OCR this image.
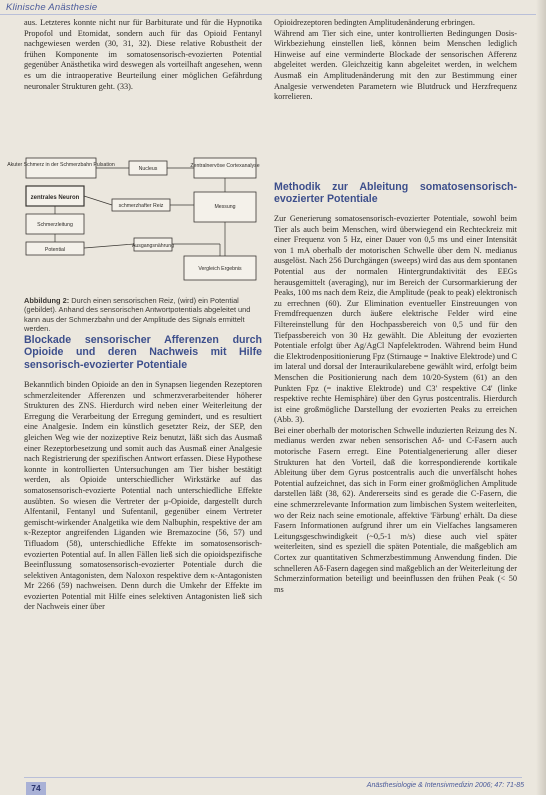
Klinische Anästhesie

aus. Letzteres konnte nicht nur für Barbiturate und für die Hypnotika Propofol und Etomidat, sondern auch für das Opioid Fentanyl nachgewiesen werden (30, 31, 32). Diese relative Robustheit der frühen Komponente im somatosensorisch-evozierten Potential gegenüber Anästhetika wird deswegen als vorteilhaft angesehen, wenn es um die intraoperative Beurteilung einer möglichen Gefährdung neuronaler Strukturen geht. (33).

Akuter Schmerz in der Schmerzbahn Pulsation
Nucleus	Zentralnervöse Cortexanalyse
zentrales Neuron
schmerzhafter Reiz	Messung
Schmerzleitung
Potential
Ausgangsnährung
Vergleich Ergebnis
Abbildung 2: Durch einen sensorischen Reiz, (wird) ein Potential (gebildet). Anhand des sensorischen Antwortpotentials abgeleitet und kann aus der Schmerzbahn und der Amplitude des Signals ermittelt werden.

Blockade sensorischer Afferenzen durch Opioide und deren Nachweis mit Hilfe sensorisch-evozierter Potentiale

Bekanntlich binden Opioide an den in Synapsen liegenden Rezeptoren schmerzleitender Afferenzen und schmerzverarbeitender höherer Strukturen des ZNS. Hierdurch wird neben einer Weiterleitung der Erregung die Verarbeitung der Erregung gemindert, und es resultiert eine Analgesie. Indem ein künstlich gesetzter Reiz, der SEP, den gleichen Weg wie der nozizeptive Reiz benutzt, läßt sich das Ausmaß einer Rezeptorbesetzung und somit auch das Ausmaß einer Analgesie nach Registrierung der spezifischen Antwort erfassen. Diese Hypothese konnte in kontrollierten Untersuchungen am Tier bisher bestätigt werden, als Opioide unterschiedlicher Wirkstärke auf das somatosensorisch-evozierte Potential nach unterschiedliche Effekte ausübten. So wiesen die Vertreter der μ-Opioide, dargestellt durch Alfentanil, Fentanyl und Sufentanil, gegenüber einem Vertreter gemischt-wirkender Analgetika wie dem Nalbuphin, respektive der am κ-Rezeptor angreifenden Liganden wie Bremazocine (56, 57) und Tifluadom (58), unterschiedliche Effekte im somatosensorisch-evozierten Potential auf. In allen Fällen ließ sich die opioidspezifische Beeinflussung somatosensorisch-evozierter Potentiale durch die selektiven Antagonisten, dem Naloxon respektive dem κ-Antagonisten Mr 2266 (59) nachweisen. Denn durch die Umkehr der Effekte im evozierten Potential mit Hilfe eines selektiven Antagonisten ließ sich der Nachweis einer über

Opioidrezeptoren bedingten Amplitudenänderung erbringen.
Während am Tier sich eine, unter kontrollierten Bedingungen Dosis-Wirkbeziehung einstellen ließ, können beim Menschen lediglich Hinweise auf eine verminderte Blockade der sensorischen Afferenz abgeleitet werden. Gleichzeitig kann abgeleitet werden, in welchem Ausmaß ein Amplitudenänderung mit den zur Bestimmung einer Analgesie verwendeten Parametern wie Blutdruck und Herzfrequenz korrelieren.

Methodik zur Ableitung somatosensorisch-evozierter Potentiale

Zur Generierung somatosensorisch-evozierter Potentiale, sowohl beim Tier als auch beim Menschen, wird überwiegend ein Rechteckreiz mit einer Frequenz von 5 Hz, einer Dauer von 0,5 ms und einer Intensität von 1 mA oberhalb der motorischen Schwelle über dem N. medianus ausgelöst. Nach 256 Durchgängen (sweeps) wird das aus dem spontanen Potential aus der normalen Hintergrundaktivität des EEGs herausgemittelt (averaging), nur im Bereich der Cursormarkierung der Peaks, 100 ms nach dem Reiz, die Amplitude (peak to peak) elektronisch zu errechnen (60). Zur Elimination eventueller Einstreuungen von Fremdfrequenzen durch äußere elektrische Felder wird eine Filtereinstellung für den Hochpassbereich von 0,5 und für den Tiefpassbereich von 30 Hz gewählt. Die Ableitung der evozierten Potentiale erfolgt über Ag/AgCl Napfelektroden. Während beim Hund die Elektrodenpositionierung Fpz (Stirnauge = Inaktive Elektrode) und C im lateral und dorsal der Interaurikularebene gewählt wird, erfolgt beim Menschen die Positionierung nach dem 10/20-System (61) an den Punkten Fpz (= inaktive Elektrode) und C3' respektive C4' (linke respektive rechte Hemisphäre) über den Gyrus postcentralis. Hierdurch ist eine großmögliche Darstellung der evozierten Peaks zu erreichen (Abb. 3).

Bei einer oberhalb der motorischen Schwelle induzierten Reizung des N. medianus werden zwar neben sensorischen Aδ- und C-Fasern auch motorische Fasern erregt. Eine Potentialgenerierung aller dieser Strukturen hat den Vorteil, daß die korrespondierende kortikale Ableitung über dem Gyrus postcentralis auch die unverfälscht hohes Potential aufzeichnet, das sich in Form einer großmöglichen Amplitude darstellen läßt (38, 62). Andererseits sind es gerade die C-Fasern, die eine schmerzrelevante Information zum limbischen System weiterleiten, wo der Reiz nach seine emotionale, affektive 'Färbung' erhält. Da diese Fasern Informationen aufgrund ihrer um ein Vielfaches langsameren Leitungsgeschwindigkeit (~0,5-1 m/s) diese auch viel später weiterleiten, sind es speziell die späten Potentiale, die maßgeblich am Cortex zur quantitativen Schmerzbestimmung Anwendung finden. Die schnelleren Aδ-Fasern dagegen sind maßgeblich an der Weiterleitung der Schmerzinformation beteiligt und beeinflussen den frühen Peak (< 50 ms

74	Anästhesiologie & Intensivmedizin 2006; 47: 71-85
